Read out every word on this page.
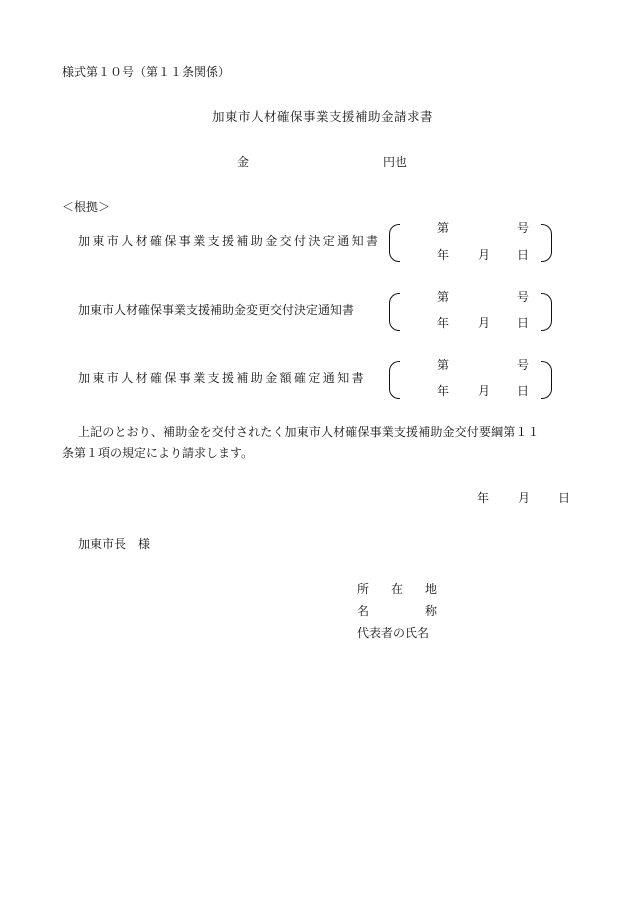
様式第１０号（第１１条関係）
加東市人材確保事業支援補助金請求書
金	円也
＜根拠＞
加東市人材確保事業支援補助金交付決定通知書
第	号
年 月 日
加東市人材確保事業支援補助金変更交付決定通知書
第	号
年 月 日
加東市人材確保事業支援補助金額確定通知書
第	号
年 月 日
上記のとおり、補助金を交付されたく加東市人材確保事業支援補助金交付要綱第１１
条第１項の規定により請求します。
年 月 日
加東市長　様
所 在 地
名	称
代表者の氏名
